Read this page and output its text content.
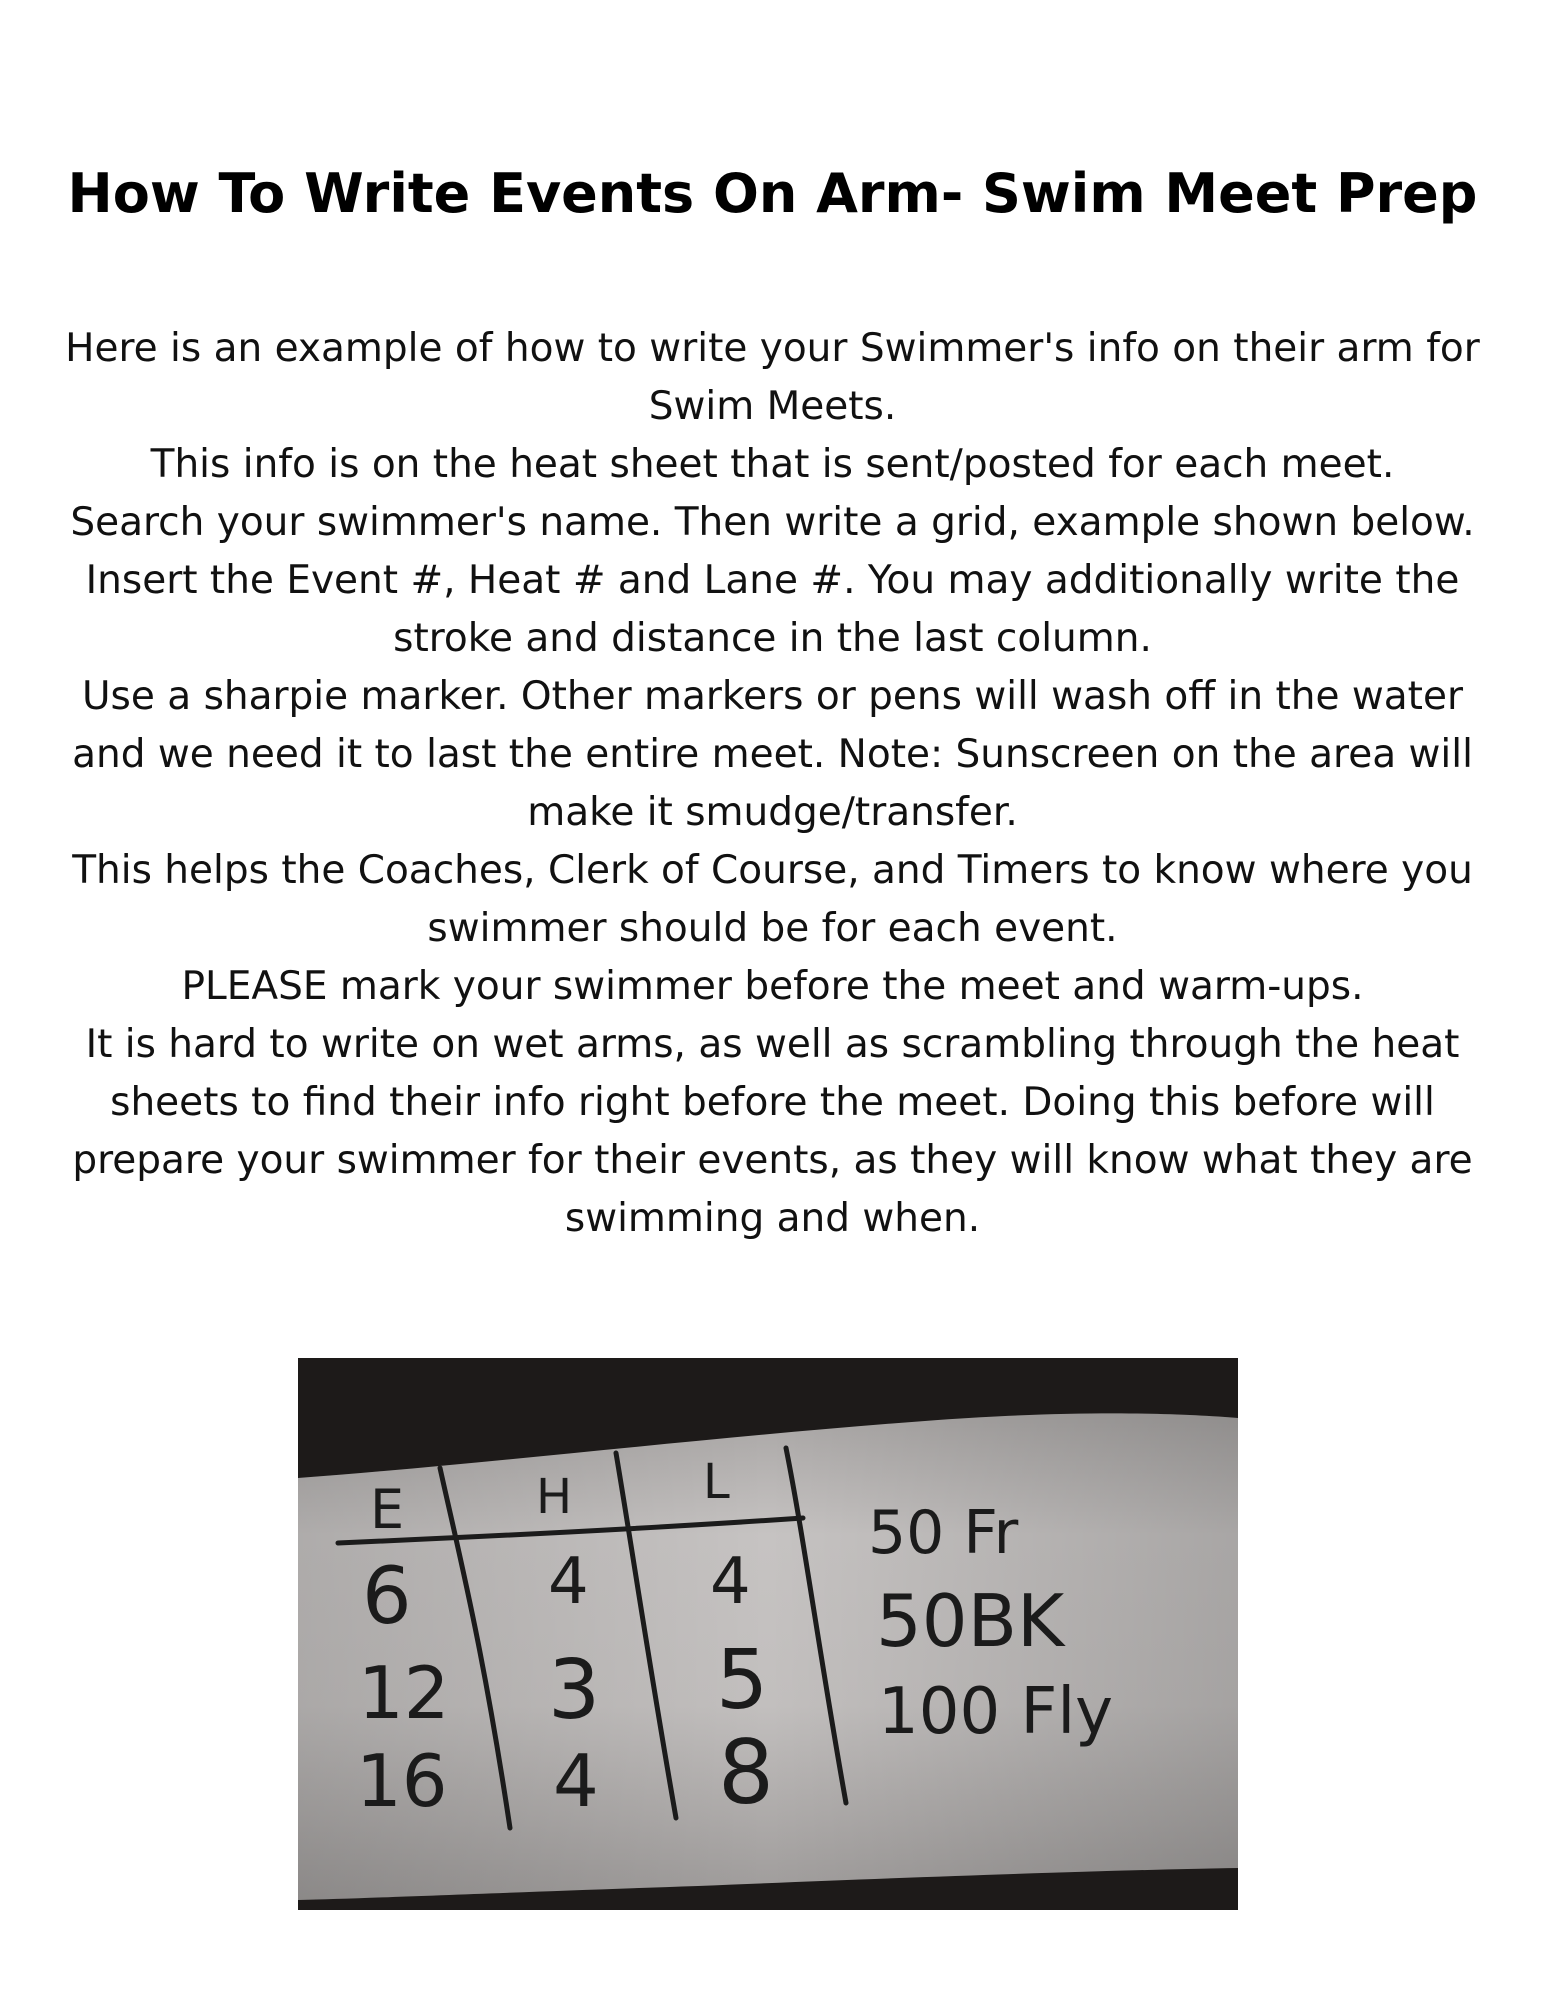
How To Write Events On Arm- Swim Meet Prep

Here is an example of how to write your Swimmer's info on their arm for Swim Meets.

This info is on the heat sheet that is sent/posted for each meet.

Search your swimmer's name. Then write a grid, example shown below. Insert the Event #, Heat # and Lane #. You may additionally write the stroke and distance in the last column.

Use a sharpie marker. Other markers or pens will wash off in the water and we need it to last the entire meet. Note: Sunscreen on the area will make it smudge/transfer.

This helps the Coaches, Clerk of Course, and Timers to know where you swimmer should be for each event.

PLEASE mark your swimmer before the meet and warm-ups.

It is hard to write on wet arms, as well as scrambling through the heat sheets to find their info right before the meet. Doing this before will prepare your swimmer for their events, as they will know what they are swimming and when.

E	H	L
6 4 4
50 Fr
12 3 5
50BK
16 4 8
100 Fly
